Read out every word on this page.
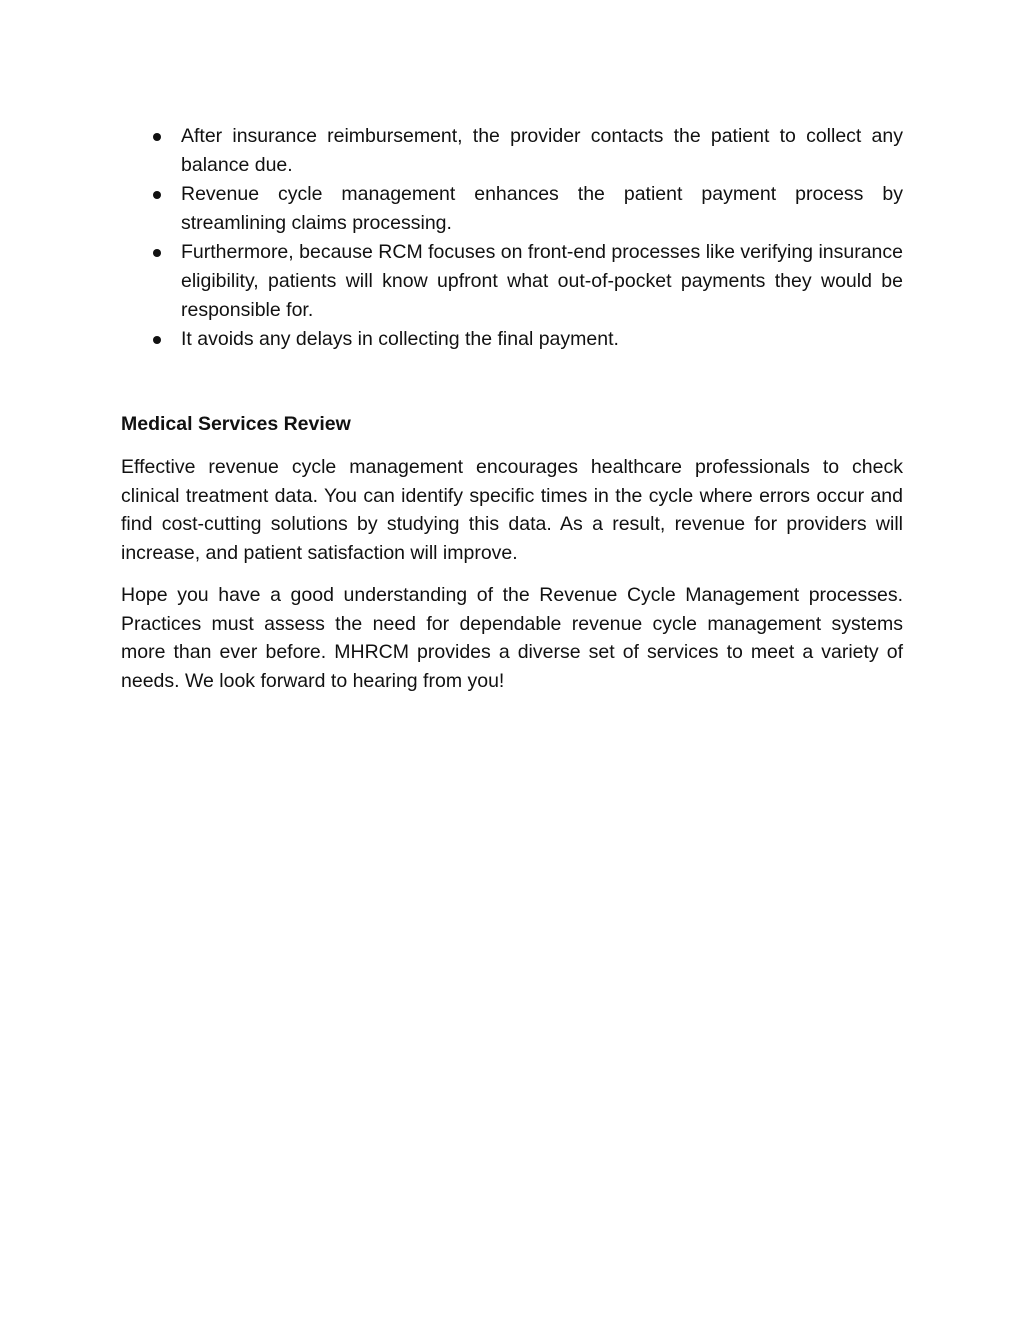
After insurance reimbursement, the provider contacts the patient to collect any balance due.
Revenue cycle management enhances the patient payment process by streamlining claims processing.
Furthermore, because RCM focuses on front-end processes like verifying insurance eligibility, patients will know upfront what out-of-pocket payments they would be responsible for.
It avoids any delays in collecting the final payment.
Medical Services Review

Effective revenue cycle management encourages healthcare professionals to check clinical treatment data. You can identify specific times in the cycle where errors occur and find cost-cutting solutions by studying this data. As a result, revenue for providers will increase, and patient satisfaction will improve.

Hope you have a good understanding of the Revenue Cycle Management processes. Practices must assess the need for dependable revenue cycle management systems more than ever before. MHRCM provides a diverse set of services to meet a variety of needs. We look forward to hearing from you!
